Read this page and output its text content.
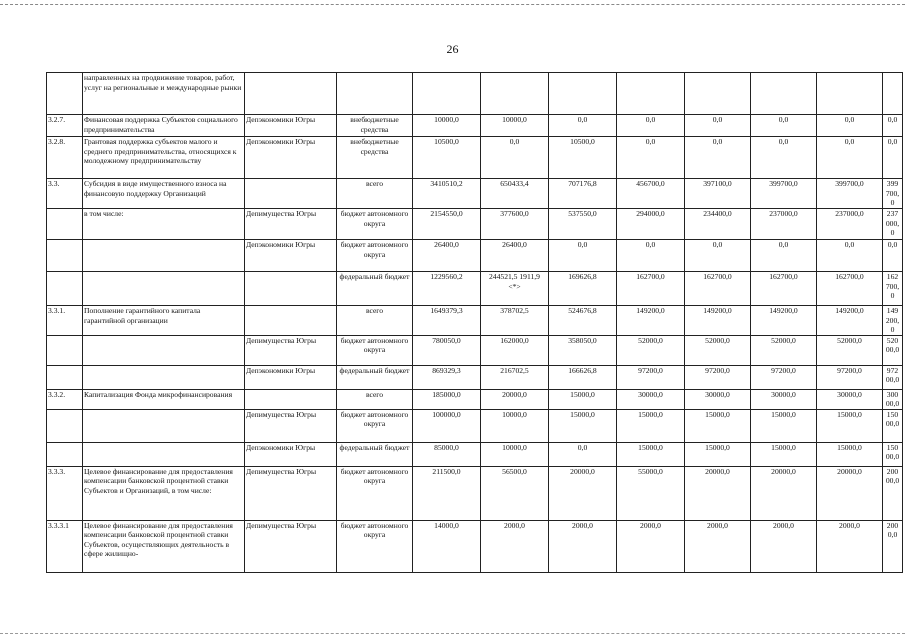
26
	направленных на продвижение товаров, работ, услуг на региональные и международные рынки										
3.2.7.	Финансовая поддержка Субъектов социального предпринимательства	Депэкономики Югры	внебюджетные средства	10000,0	10000,0	0,0	0,0	0,0	0,0	0,0	0,0
3.2.8.	Грантовая поддержка субъектов малого и среднего предпринимательства, относящихся к молодежному предпринимательству	Депэкономики Югры	внебюджетные средства	10500,0	0,0	10500,0	0,0	0,0	0,0	0,0	0,0
3.3.	Субсидия в виде имущественного взноса на финансовую поддержку Организаций		всего	3410510,2	650433,4	707176,8	456700,0	397100,0	399700,0	399700,0	399 700, 0
	в том числе:	Депимущества Югры	бюджет автономного округа	2154550,0	377600,0	537550,0	294000,0	234400,0	237000,0	237000,0	237 000, 0
		Депэкономики Югры	бюджет автономного округа	26400,0	26400,0	0,0	0,0	0,0	0,0	0,0	0,0
			федеральный бюджет	1229560,2	244521,5 1911,9 <*>	169626,8	162700,0	162700,0	162700,0	162700,0	162 700, 0
3.3.1.	Пополнение гарантийного капитала гарантийной организации		всего	1649379,3	378702,5	524676,8	149200,0	149200,0	149200,0	149200,0	149 200, 0
		Депимущества Югры	бюджет автономного округа	780050,0	162000,0	358050,0	52000,0	52000,0	52000,0	52000,0	520 00,0
		Депэкономики Югры	федеральный бюджет	869329,3	216702,5	166626,8	97200,0	97200,0	97200,0	97200,0	972 00,0
3.3.2.	Капитализация Фонда микрофинансирования		всего	185000,0	20000,0	15000,0	30000,0	30000,0	30000,0	30000,0	300 00,0
		Депимущества Югры	бюджет автономного округа	100000,0	10000,0	15000,0	15000,0	15000,0	15000,0	15000,0	150 00,0
		Депэкономики Югры	федеральный бюджет	85000,0	10000,0	0,0	15000,0	15000,0	15000,0	15000,0	150 00,0
3.3.3.	Целевое финансирование для предоставления компенсации банковской процентной ставки Субъектов и Организаций, в том числе:	Депимущества Югры	бюджет автономного округа	211500,0	56500,0	20000,0	55000,0	20000,0	20000,0	20000,0	200 00,0
3.3.3.1	Целевое финансирование для предоставления компенсации банковской процентной ставки Субъектов, осуществляющих деятельность в сфере жилищно-	Депимущества Югры	бюджет автономного округа	14000,0	2000,0	2000,0	2000,0	2000,0	2000,0	2000,0	200 0,0
